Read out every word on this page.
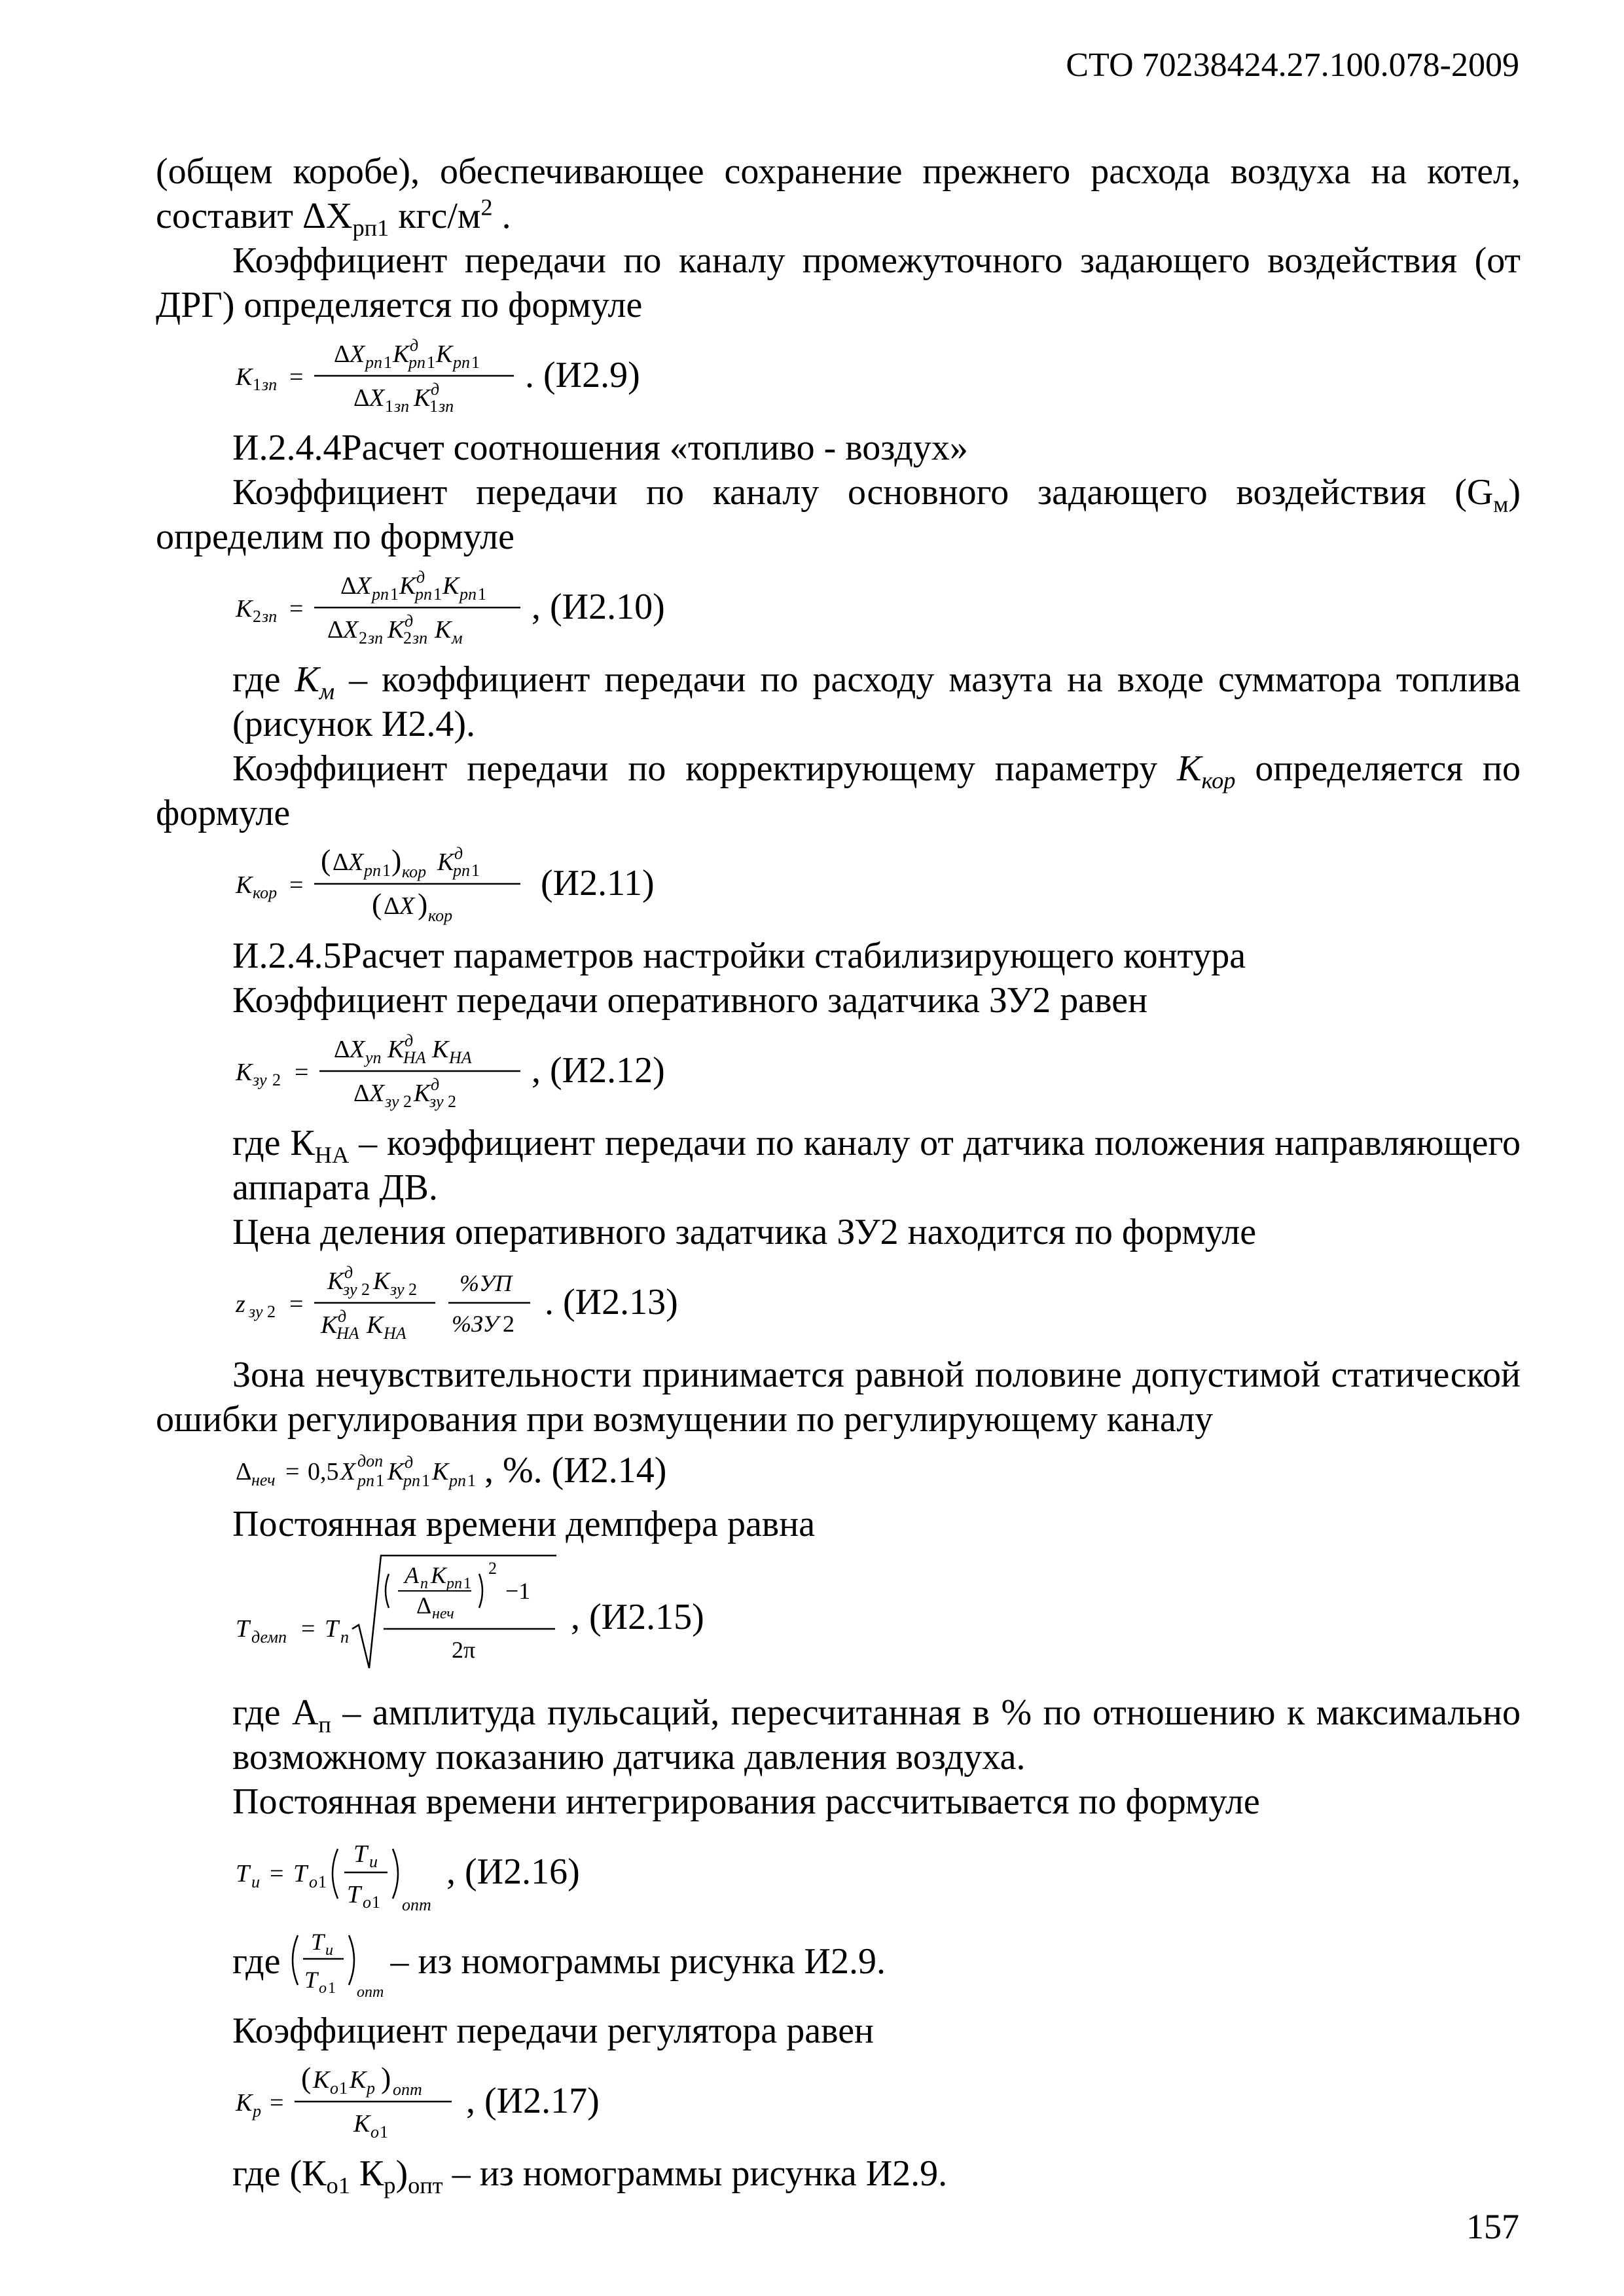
СТО 70238424.27.100.078-2009

(общем коробе), обеспечивающее сохранение прежнего расхода воздуха на котел, составит $\Delta X_{рп1}$ кгс/$м^2$ .

Коэффициент передачи по каналу промежуточного задающего воздействия (от ДРГ) определяется по формуле

K 1 зп =
Δ X рп 1 K д
рп 1 K рп 1
Δ X 1 зп K д
1 зп
. (И2.9)

И.2.4.4Расчет соотношения «топливо - воздух»

Коэффициент передачи по каналу основного задающего воздействия $(G_м)$ определим по формуле

K 2 зп =
Δ X рп 1 K д
рп 1 K рп 1
Δ X 2 зп K д
2 зп K м
, (И2.10)

где $K_м$ – коэффициент передачи по расходу мазута на входе сумматора топлива (рисунок И2.4).

Коэффициент передачи по корректирующему параметру $K_{кор}$ определяется по формуле

K кор =
( Δ X рп 1 ) кор K д
рп 1
( Δ X ) кор
(И2.11)

И.2.4.5Расчет параметров настройки стабилизирующего контура

Коэффициент передачи оперативного задатчика ЗУ2 равен

K зу 2 =
Δ X уп K д
НА K НА
Δ X зу 2 K д
зу 2
, (И2.12)

где $К_{НА}$ – коэффициент передачи по каналу от датчика положения направляющего аппарата ДВ.

Цена деления оперативного задатчика ЗУ2 находится по формуле

z зу 2 =
K д
зу 2 K зу 2
K д
НА K НА
%УП
%ЗУ 2
. (И2.13)

Зона нечувствительности принимается равной половине допустимой статической ошибки регулирования при возмущении по регулирующему каналу

Δ неч = 0,5 X доп
рп 1 K д
рп 1 K рп 1 , %. (И2.14)

Постоянная времени демпфера равна

T демп = T п
A п K рп 1
Δ неч
2
−1
2π
, (И2.15)

где $А_п$ – амплитуда пульсаций, пересчитанная в % по отношению к максимально возможному показанию датчика давления воздуха.

Постоянная времени интегрирования рассчитывается по формуле

T и = T о 1
T и
T о 1 опт
, (И2.16)
где T и
T о 1 опт
– из номограммы рисунка И2.9.

Коэффициент передачи регулятора равен

K р =
( K о 1 K р ) опт
K о 1
, (И2.17)

где ($К_{о1}$ $К_р)_{опт}$ – из номограммы рисунка И2.9.

157
